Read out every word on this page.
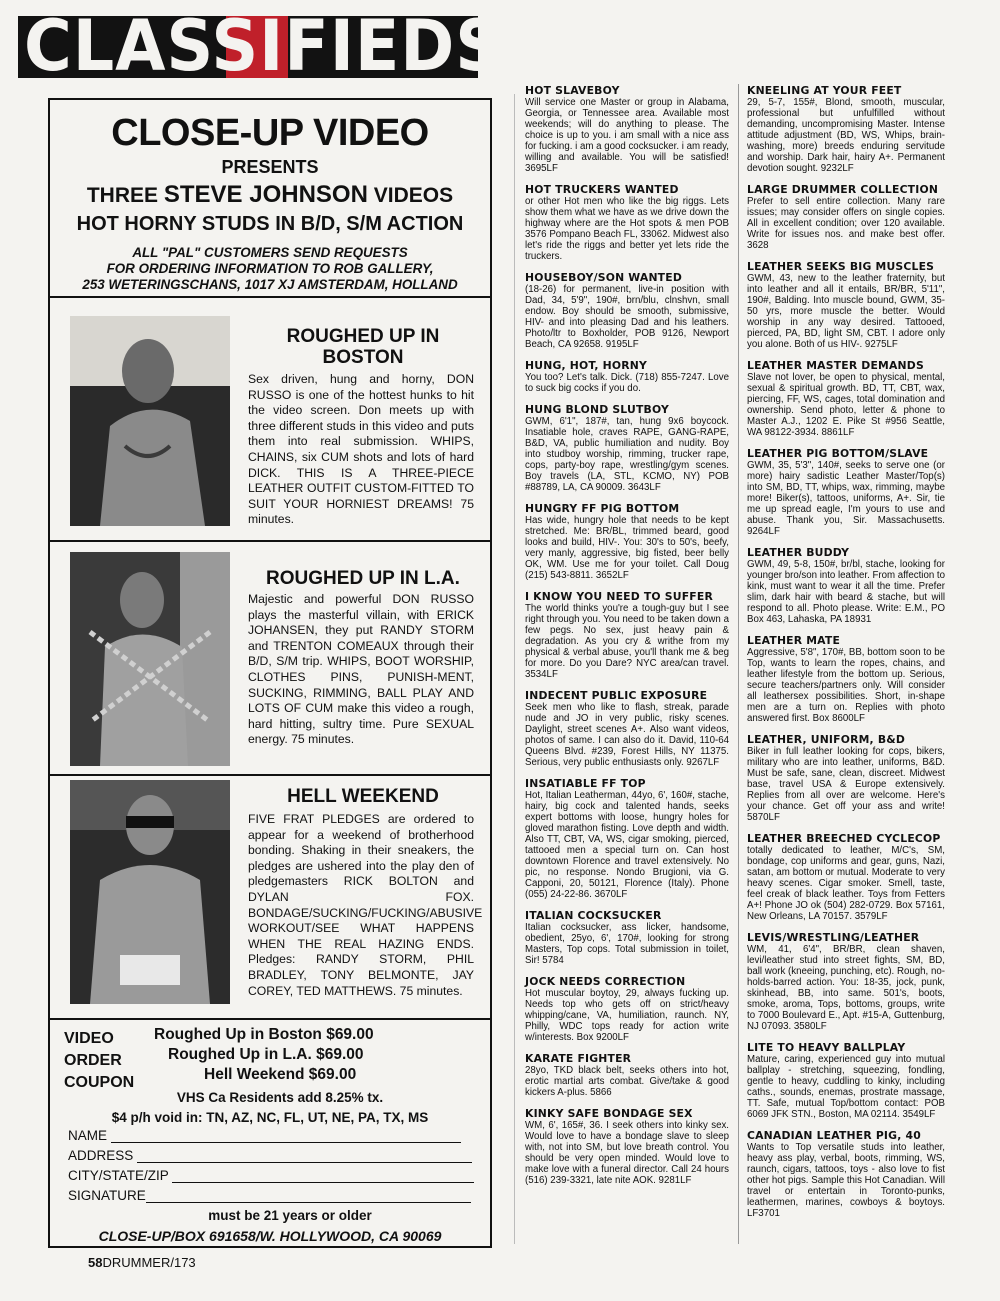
CLASSIFIEDS
CLOSE-UP VIDEO
PRESENTS
THREE STEVE JOHNSON VIDEOS
HOT HORNY STUDS IN B/D, S/M ACTION
ALL "PAL" CUSTOMERS SEND REQUESTS
FOR ORDERING INFORMATION TO ROB GALLERY,
253 WETERINGSCHANS, 1017 XJ AMSTERDAM, HOLLAND
ROUGHED UP IN BOSTON
Sex driven, hung and horny, DON RUSSO is one of the hottest hunks to hit the video screen. Don meets up with three different studs in this video and puts them into real submission. WHIPS, CHAINS, six CUM shots and lots of hard DICK. THIS IS A THREE-PIECE LEATHER OUTFIT CUSTOM-FITTED TO SUIT YOUR HORNIEST DREAMS! 75 minutes.
ROUGHED UP IN L.A.
Majestic and powerful DON RUSSO plays the masterful villain, with ERICK JOHANSEN, they put RANDY STORM and TRENTON COMEAUX through their B/D, S/M trip. WHIPS, BOOT WORSHIP, CLOTHES PINS, PUNISH-MENT, SUCKING, RIMMING, BALL PLAY AND LOTS OF CUM make this video a rough, hard hitting, sultry time. Pure SEXUAL energy. 75 minutes.
HELL WEEKEND
FIVE FRAT PLEDGES are ordered to appear for a weekend of brotherhood bonding. Shaking in their sneakers, the pledges are ushered into the play den of pledgemasters RICK BOLTON and DYLAN FOX. BONDAGE/SUCKING/FUCKING/ABUSIVE WORKOUT/SEE WHAT HAPPENS WHEN THE REAL HAZING ENDS. Pledges: RANDY STORM, PHIL BRADLEY, TONY BELMONTE, JAY COREY, TED MATTHEWS. 75 minutes.
VIDEO
ORDER
COUPON
Roughed Up in Boston $69.00
Roughed Up in L.A. $69.00
Hell Weekend $69.00
VHS Ca Residents add 8.25% tx.
$4 p/h void in: TN, AZ, NC, FL, UT, NE, PA, TX, MS
NAME
ADDRESS
CITY/STATE/ZIP
SIGNATURE
must be 21 years or older
CLOSE-UP/BOX 691658/W. HOLLYWOOD, CA 90069
HOT SLAVEBOY

Will service one Master or group in Alabama, Georgia, or Tennessee area. Available most weekends; will do anything to please. The choice is up to you. i am small with a nice ass for fucking. i am a good cocksucker. i am ready, willing and available. You will be satisfied! 3695LF

HOT TRUCKERS WANTED

or other Hot men who like the big riggs. Lets show them what we have as we drive down the highway where are the Hot spots & men POB 3576 Pompano Beach FL, 33062. Midwest also let's ride the riggs and better yet lets ride the truckers.

HOUSEBOY/SON WANTED

(18-26) for permanent, live-in position with Dad, 34, 5'9", 190#, brn/blu, clnshvn, small endow. Boy should be smooth, submissive, HIV- and into pleasing Dad and his leathers. Photo/ltr to Boxholder, POB 9126, Newport Beach, CA 92658. 9195LF

HUNG, HOT, HORNY

You too? Let's talk. Dick. (718) 855-7247. Love to suck big cocks if you do.

HUNG BLOND SLUTBOY

GWM, 6'1", 187#, tan, hung 9x6 boycock. Insatiable hole, craves RAPE, GANG-RAPE, B&D, VA, public humiliation and nudity. Boy into studboy worship, rimming, trucker rape, cops, party-boy rape, wrestling/gym scenes. Boy travels (LA, STL, KCMO, NY) POB #88789, LA, CA 90009. 3643LF

HUNGRY FF PIG BOTTOM

Has wide, hungry hole that needs to be kept stretched. Me: BR/BL, trimmed beard, good looks and build, HIV-. You: 30's to 50's, beefy, very manly, aggressive, big fisted, beer belly OK, WM. Use me for your toilet. Call Doug (215) 543-8811. 3652LF

I KNOW YOU NEED TO SUFFER

The world thinks you're a tough-guy but I see right through you. You need to be taken down a few pegs. No sex, just heavy pain & degradation. As you cry & writhe from my physical & verbal abuse, you'll thank me & beg for more. Do you Dare? NYC area/can travel. 3534LF

INDECENT PUBLIC EXPOSURE

Seek men who like to flash, streak, parade nude and JO in very public, risky scenes. Daylight, street scenes A+. Also want videos, photos of same. I can also do it. David, 110-64 Queens Blvd. #239, Forest Hills, NY 11375. Serious, very public enthusiasts only. 9267LF

INSATIABLE FF TOP

Hot, Italian Leatherman, 44yo, 6', 160#, stache, hairy, big cock and talented hands, seeks expert bottoms with loose, hungry holes for gloved marathon fisting. Love depth and width. Also TT, CBT, VA, WS, cigar smoking, pierced, tattooed men a special turn on. Can host downtown Florence and travel extensively. No pic, no response. Nondo Brugioni, via G. Capponi, 20, 50121, Florence (Italy). Phone (055) 24-22-86. 3670LF

ITALIAN COCKSUCKER

Italian cocksucker, ass licker, handsome, obedient, 25yo, 6', 170#, looking for strong Masters, Top cops. Total submission in toilet, Sir! 5784

JOCK NEEDS CORRECTION

Hot muscular boytoy, 29, always fucking up. Needs top who gets off on strict/heavy whipping/cane, VA, humiliation, raunch. NY, Philly, WDC tops ready for action write w/interests. Box 9200LF

KARATE FIGHTER

28yo, TKD black belt, seeks others into hot, erotic martial arts combat. Give/take & good kickers A-plus. 5866

KINKY SAFE BONDAGE SEX

WM, 6', 165#, 36. I seek others into kinky sex. Would love to have a bondage slave to sleep with, not into SM, but love breath control. You should be very open minded. Would love to make love with a funeral director. Call 24 hours (516) 239-3321, late nite AOK. 9281LF

KNEELING AT YOUR FEET

29, 5-7, 155#, Blond, smooth, muscular, professional but unfulfilled without demanding, uncompromising Master. Intense attitude adjustment (BD, WS, Whips, brain-washing, more) breeds enduring servitude and worship. Dark hair, hairy A+. Permanent devotion sought. 9232LF

LARGE DRUMMER COLLECTION

Prefer to sell entire collection. Many rare issues; may consider offers on single copies. All in excellent condition; over 120 available. Write for issues nos. and make best offer. 3628

LEATHER SEEKS BIG MUSCLES

GWM, 43, new to the leather fraternity, but into leather and all it entails, BR/BR, 5'11", 190#, Balding. Into muscle bound, GWM, 35-50 yrs, more muscle the better. Would worship in any way desired. Tattooed, pierced, PA, BD, light SM, CBT. I adore only you alone. Both of us HIV-. 9275LF

LEATHER MASTER DEMANDS

Slave not lover, be open to physical, mental, sexual & spiritual growth. BD, TT, CBT, wax, piercing, FF, WS, cages, total domination and ownership. Send photo, letter & phone to Master A.J., 1202 E. Pike St #956 Seattle, WA 98122-3934. 8861LF

LEATHER PIG BOTTOM/SLAVE

GWM, 35, 5'3", 140#, seeks to serve one (or more) hairy sadistic Leather Master/Top(s) into SM, BD, TT, whips, wax, rimming, maybe more! Biker(s), tattoos, uniforms, A+. Sir, tie me up spread eagle, I'm yours to use and abuse. Thank you, Sir. Massachusetts. 9264LF

LEATHER BUDDY

GWM, 49, 5-8, 150#, br/bl, stache, looking for younger bro/son into leather. From affection to kink, must want to wear it all the time. Prefer slim, dark hair with beard & stache, but will respond to all. Photo please. Write: E.M., PO Box 463, Lahaska, PA 18931

LEATHER MATE

Aggressive, 5'8", 170#, BB, bottom soon to be Top, wants to learn the ropes, chains, and leather lifestyle from the bottom up. Serious, secure teachers/partners only. Will consider all leathersex possibilities. Short, in-shape men are a turn on. Replies with photo answered first. Box 8600LF

LEATHER, UNIFORM, B&D

Biker in full leather looking for cops, bikers, military who are into leather, uniforms, B&D. Must be safe, sane, clean, discreet. Midwest base, travel USA & Europe extensively. Replies from all over are welcome. Here's your chance. Get off your ass and write! 5870LF

LEATHER BREECHED CYCLECOP

totally dedicated to leather, M/C's, SM, bondage, cop uniforms and gear, guns, Nazi, satan, am bottom or mutual. Moderate to very heavy scenes. Cigar smoker. Smell, taste, feel creak of black leather. Toys from Fetters A+! Phone JO ok (504) 282-0729. Box 57161, New Orleans, LA 70157. 3579LF

LEVIS/WRESTLING/LEATHER

WM, 41, 6'4", BR/BR, clean shaven, levi/leather stud into street fights, SM, BD, ball work (kneeing, punching, etc). Rough, no-holds-barred action. You: 18-35, jock, punk, skinhead, BB, into same. 501's, boots, smoke, aroma, Tops, bottoms, groups, write to 7000 Boulevard E., Apt. #15-A, Guttenburg, NJ 07093. 3580LF

LITE TO HEAVY BALLPLAY

Mature, caring, experienced guy into mutual ballplay - stretching, squeezing, fondling, gentle to heavy, cuddling to kinky, including caths., sounds, enemas, prostrate massage, TT. Safe, mutual Top/bottom contact: POB 6069 JFK STN., Boston, MA 02114. 3549LF

CANADIAN LEATHER PIG, 40

Wants to Top versatile studs into leather, heavy ass play, verbal, boots, rimming, WS, raunch, cigars, tattoos, toys - also love to fist other hot pigs. Sample this Hot Canadian. Will travel or entertain in Toronto-punks, leathermen, marines, cowboys & boytoys. LF3701

58DRUMMER/173
